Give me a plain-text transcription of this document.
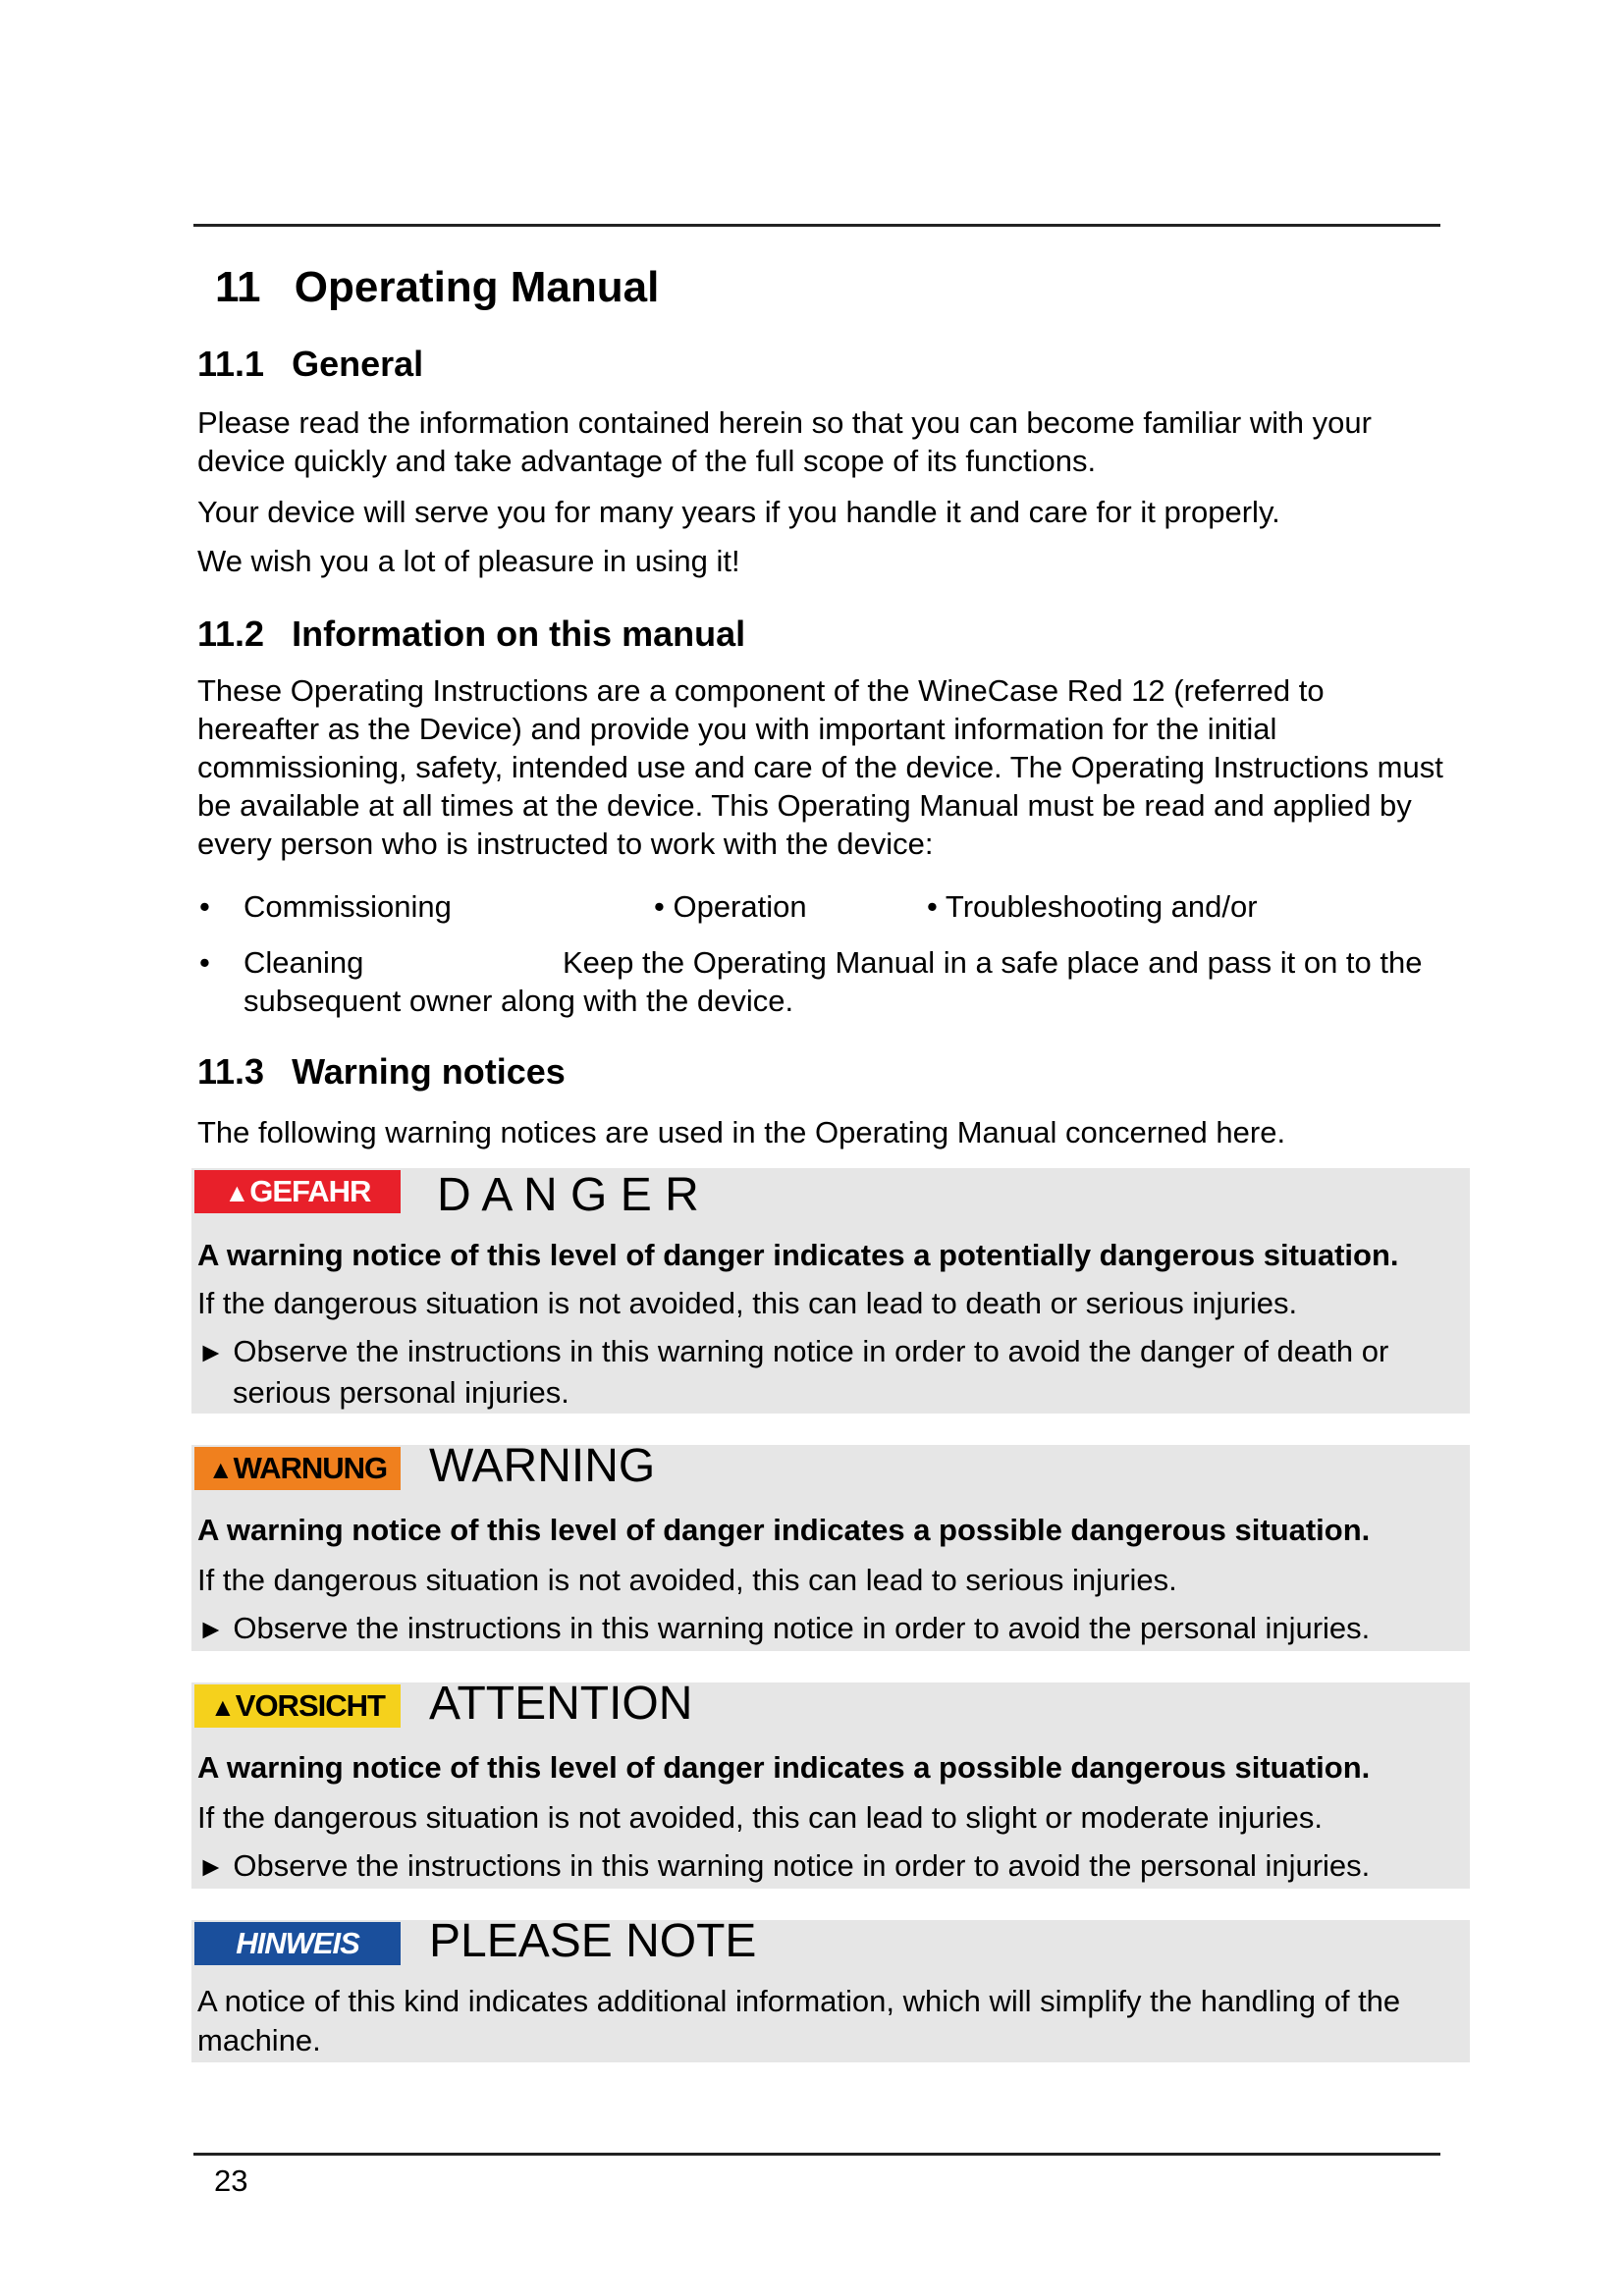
11 Operating Manual
11.1 General
Please read the information contained herein so that you can become familiar with your
device quickly and take advantage of the full scope of its functions.
Your device will serve you for many years if you handle it and care for it properly.
We wish you a lot of pleasure in using it!
11.2 Information on this manual
These Operating Instructions are a component of the WineCase Red 12 (referred to
hereafter as the Device) and provide you with important information for the initial
commissioning, safety, intended use and care of the device. The Operating Instructions must
be available at all times at the device. This Operating Manual must be read and applied by
every person who is instructed to work with the device:
• Commissioning	• Operation	• Troubleshooting and/or
• Cleaning	Keep the Operating Manual in a safe place and pass it on to the
subsequent owner along with the device.
11.3 Warning notices
The following warning notices are used in the Operating Manual concerned here.
▲GEFAHR	D A N G E R
A warning notice of this level of danger indicates a potentially dangerous situation.
If the dangerous situation is not avoided, this can lead to death or serious injuries.
► Observe the instructions in this warning notice in order to avoid the danger of death or
serious personal injuries.
▲WARNUNG WARNING
A warning notice of this level of danger indicates a possible dangerous situation.
If the dangerous situation is not avoided, this can lead to serious injuries.
► Observe the instructions in this warning notice in order to avoid the personal injuries.
▲VORSICHT ATTENTION
A warning notice of this level of danger indicates a possible dangerous situation.
If the dangerous situation is not avoided, this can lead to slight or moderate injuries.
► Observe the instructions in this warning notice in order to avoid the personal injuries.
HINWEIS	PLEASE NOTE
A notice of this kind indicates additional information, which will simplify the handling of the
machine.
23
